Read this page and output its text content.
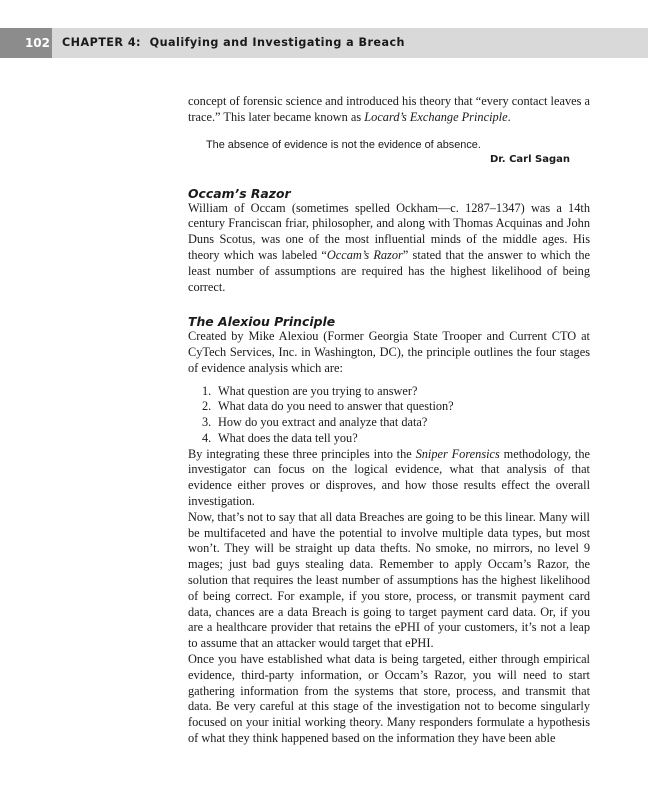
102 CHAPTER 4:  Qualifying and Investigating a Breach

concept of forensic science and introduced his theory that “every contact leaves a trace.” This later became known as Locard’s Exchange Principle.

The absence of evidence is not the evidence of absence.
Dr. Carl Sagan
Occam’s Razor

William of Occam (sometimes spelled Ockham—c. 1287–1347) was a 14th century Franciscan friar, philosopher, and along with Thomas Acquinas and John Duns Scotus, was one of the most influential minds of the middle ages. His theory which was labeled “Occam’s Razor” stated that the answer to which the least number of assumptions are required has the highest likelihood of being correct.

The Alexiou Principle

Created by Mike Alexiou (Former Georgia State Trooper and Current CTO at CyTech Services, Inc. in Washington, DC), the principle outlines the four stages of evidence analysis which are:

1. What question are you trying to answer?
2. What data do you need to answer that question?
3. How do you extract and analyze that data?
4. What does the data tell you?

By integrating these three principles into the Sniper Forensics methodology, the investigator can focus on the logical evidence, what that analysis of that evidence either proves or disproves, and how those results effect the overall investigation.

Now, that’s not to say that all data Breaches are going to be this linear. Many will be multifaceted and have the potential to involve multiple data types, but most won’t. They will be straight up data thefts. No smoke, no mirrors, no level 9 mages; just bad guys stealing data. Remember to apply Occam’s Razor, the solution that requires the least number of assumptions has the highest likelihood of being correct. For example, if you store, process, or transmit payment card data, chances are a data Breach is going to target payment card data. Or, if you are a healthcare provider that retains the ePHI of your customers, it’s not a leap to assume that an attacker would target that ePHI.

Once you have established what data is being targeted, either through empirical evidence, third-party information, or Occam’s Razor, you will need to start gathering information from the systems that store, process, and transmit that data. Be very careful at this stage of the investigation not to become singularly focused on your initial working theory. Many responders formulate a hypothesis of what they think happened based on the information they have been able
